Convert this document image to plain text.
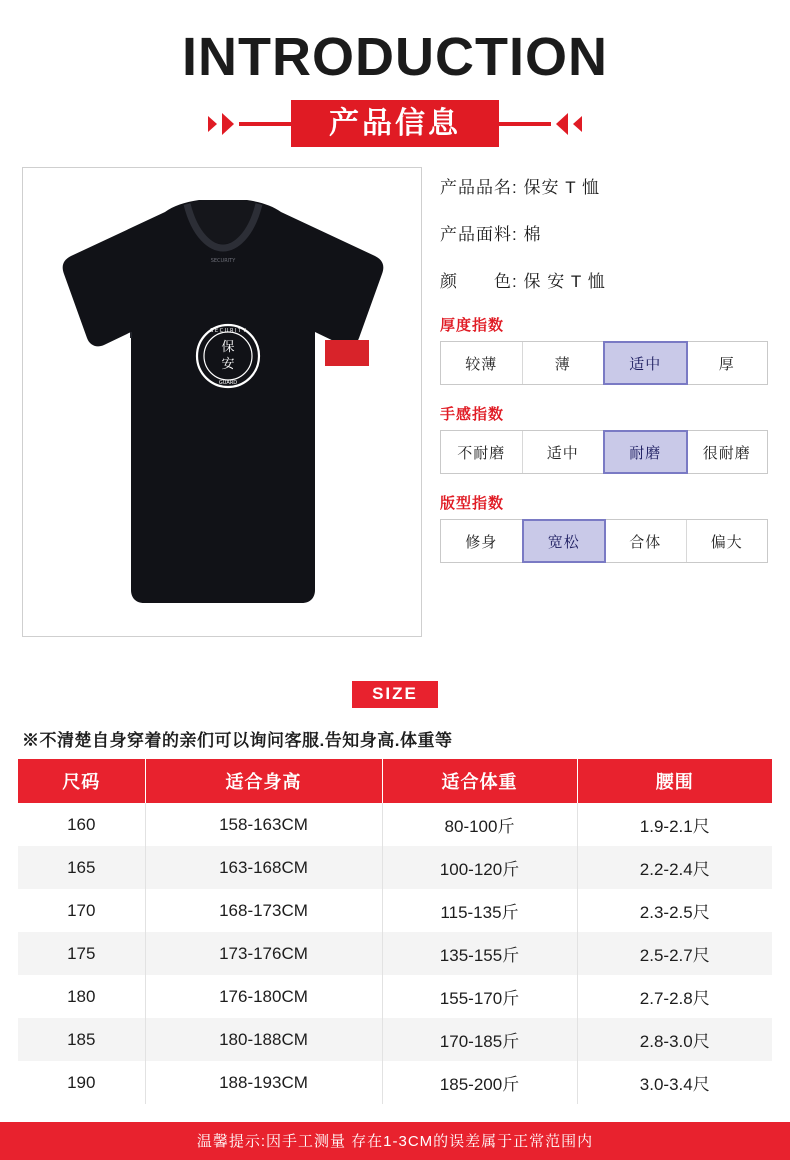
INTRODUCTION
产品信息
保
安
S E C U R I T Y
GUARD	保安
SECURITY
产品品名: 保安 T 恤
产品面料: 棉
颜　　色: 保 安 T 恤
厚度指数
较薄	薄	适中	厚
手感指数
不耐磨	适中	耐磨	很耐磨
版型指数
修身	宽松	合体	偏大
SIZE
※不清楚自身穿着的亲们可以询问客服.告知身高.体重等
尺码	适合身高	适合体重	腰围
160	158-163CM	80-100斤	1.9-2.1尺
165	163-168CM	100-120斤	2.2-2.4尺
170	168-173CM	115-135斤	2.3-2.5尺
175	173-176CM	135-155斤	2.5-2.7尺
180	176-180CM	155-170斤	2.7-2.8尺
185	180-188CM	170-185斤	2.8-3.0尺
190	188-193CM	185-200斤	3.0-3.4尺
温馨提示:因手工测量 存在1-3CM的误差属于正常范围内
